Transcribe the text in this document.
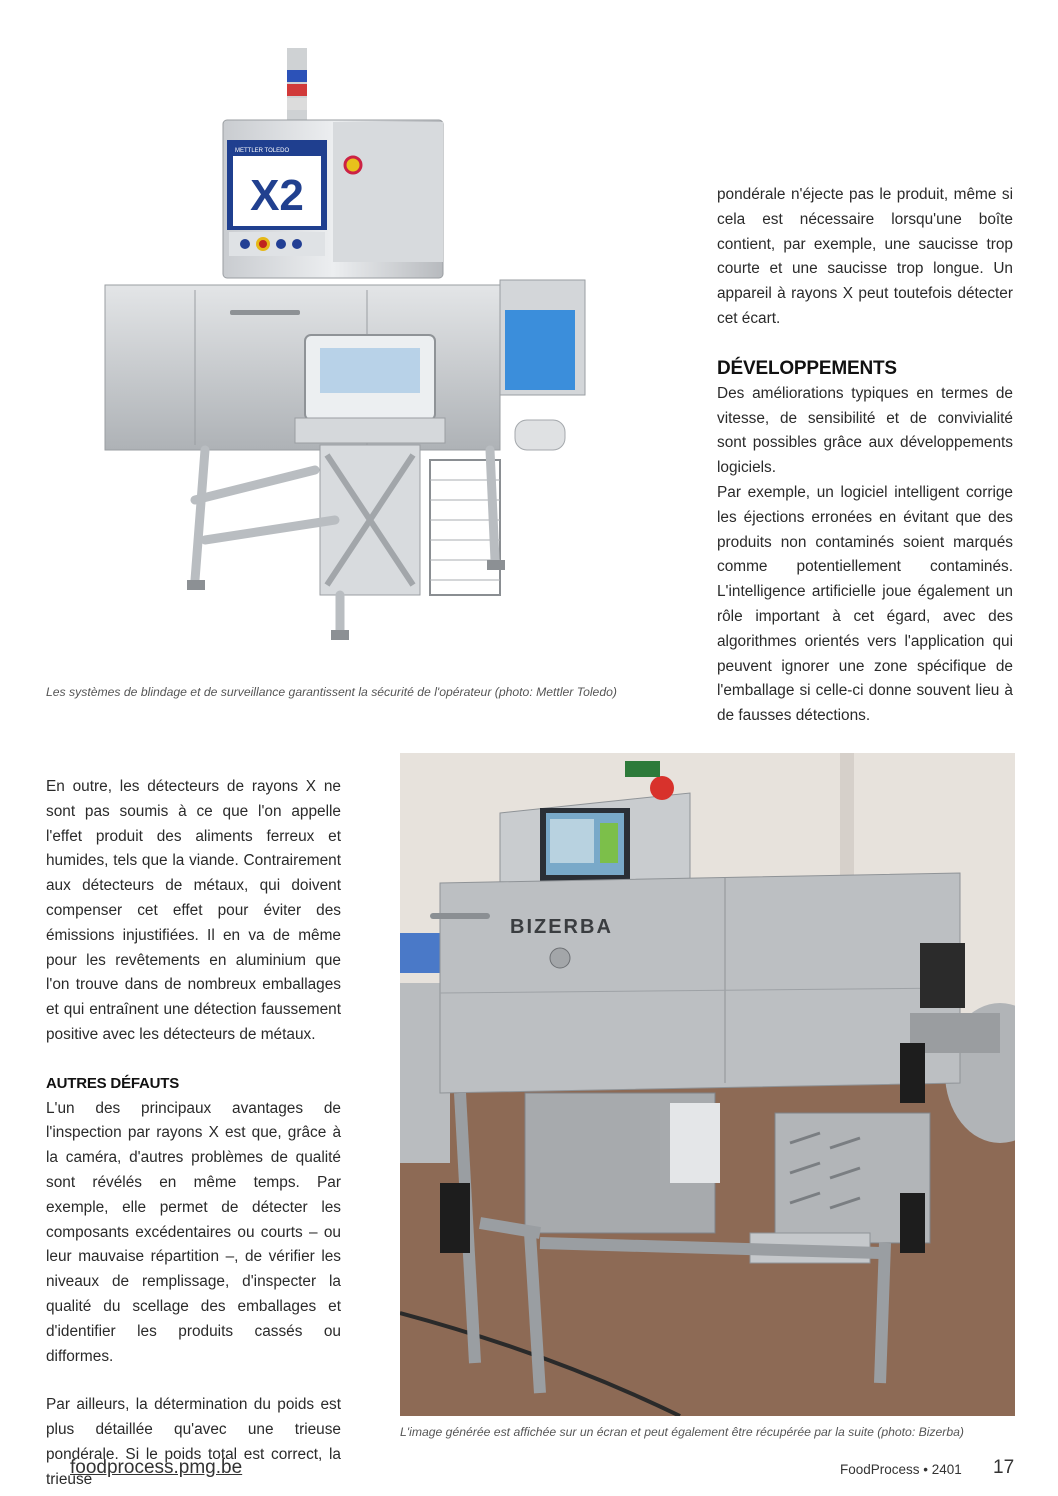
X2
METTLER TOLEDO
Les systèmes de blindage et de surveillance garantissent la sécurité de l'opérateur (photo: Mettler Toledo)

pondérale n'éjecte pas le produit, même si cela est nécessaire lorsqu'une boîte contient, par exemple, une saucisse trop courte et une saucisse trop longue. Un appareil à rayons X peut toutefois détecter cet écart.

DÉVELOPPEMENTS

Des améliorations typiques en termes de vitesse, de sensibilité et de convivialité sont possibles grâce aux développements logiciels.

Par exemple, un logiciel intelligent corrige les éjections erronées en évitant que des produits non contaminés soient marqués comme potentiellement contaminés. L'intelligence artificielle joue également un rôle important à cet égard, avec des algorithmes orientés vers l'application qui peuvent ignorer une zone spécifique de l'emballage si celle-ci donne souvent lieu à de fausses détections.

En outre, les détecteurs de rayons X ne sont pas soumis à ce que l'on appelle l'effet produit des aliments ferreux et humides, tels que la viande. Contrairement aux détecteurs de métaux, qui doivent compenser cet effet pour éviter des émissions injustifiées. Il en va de même pour les revêtements en aluminium que l'on trouve dans de nombreux emballages et qui entraînent une détection faussement positive avec les détecteurs de métaux.

AUTRES DÉFAUTS

L'un des principaux avantages de l'inspection par rayons X est que, grâce à la caméra, d'autres problèmes de qualité sont révélés en même temps. Par exemple, elle permet de détecter les composants excédentaires ou courts – ou leur mauvaise répartition –, de vérifier les niveaux de remplissage, d'inspecter la qualité du scellage des emballages et d'identifier les produits cassés ou difformes.

Par ailleurs, la détermination du poids est plus détaillée qu'avec une trieuse pondérale. Si le poids total est correct, la trieuse

BIZERBA
L'image générée est affichée sur un écran et peut également être récupérée par la suite (photo: Bizerba)
foodprocess.pmg.be	FoodProcess • 2401 17
